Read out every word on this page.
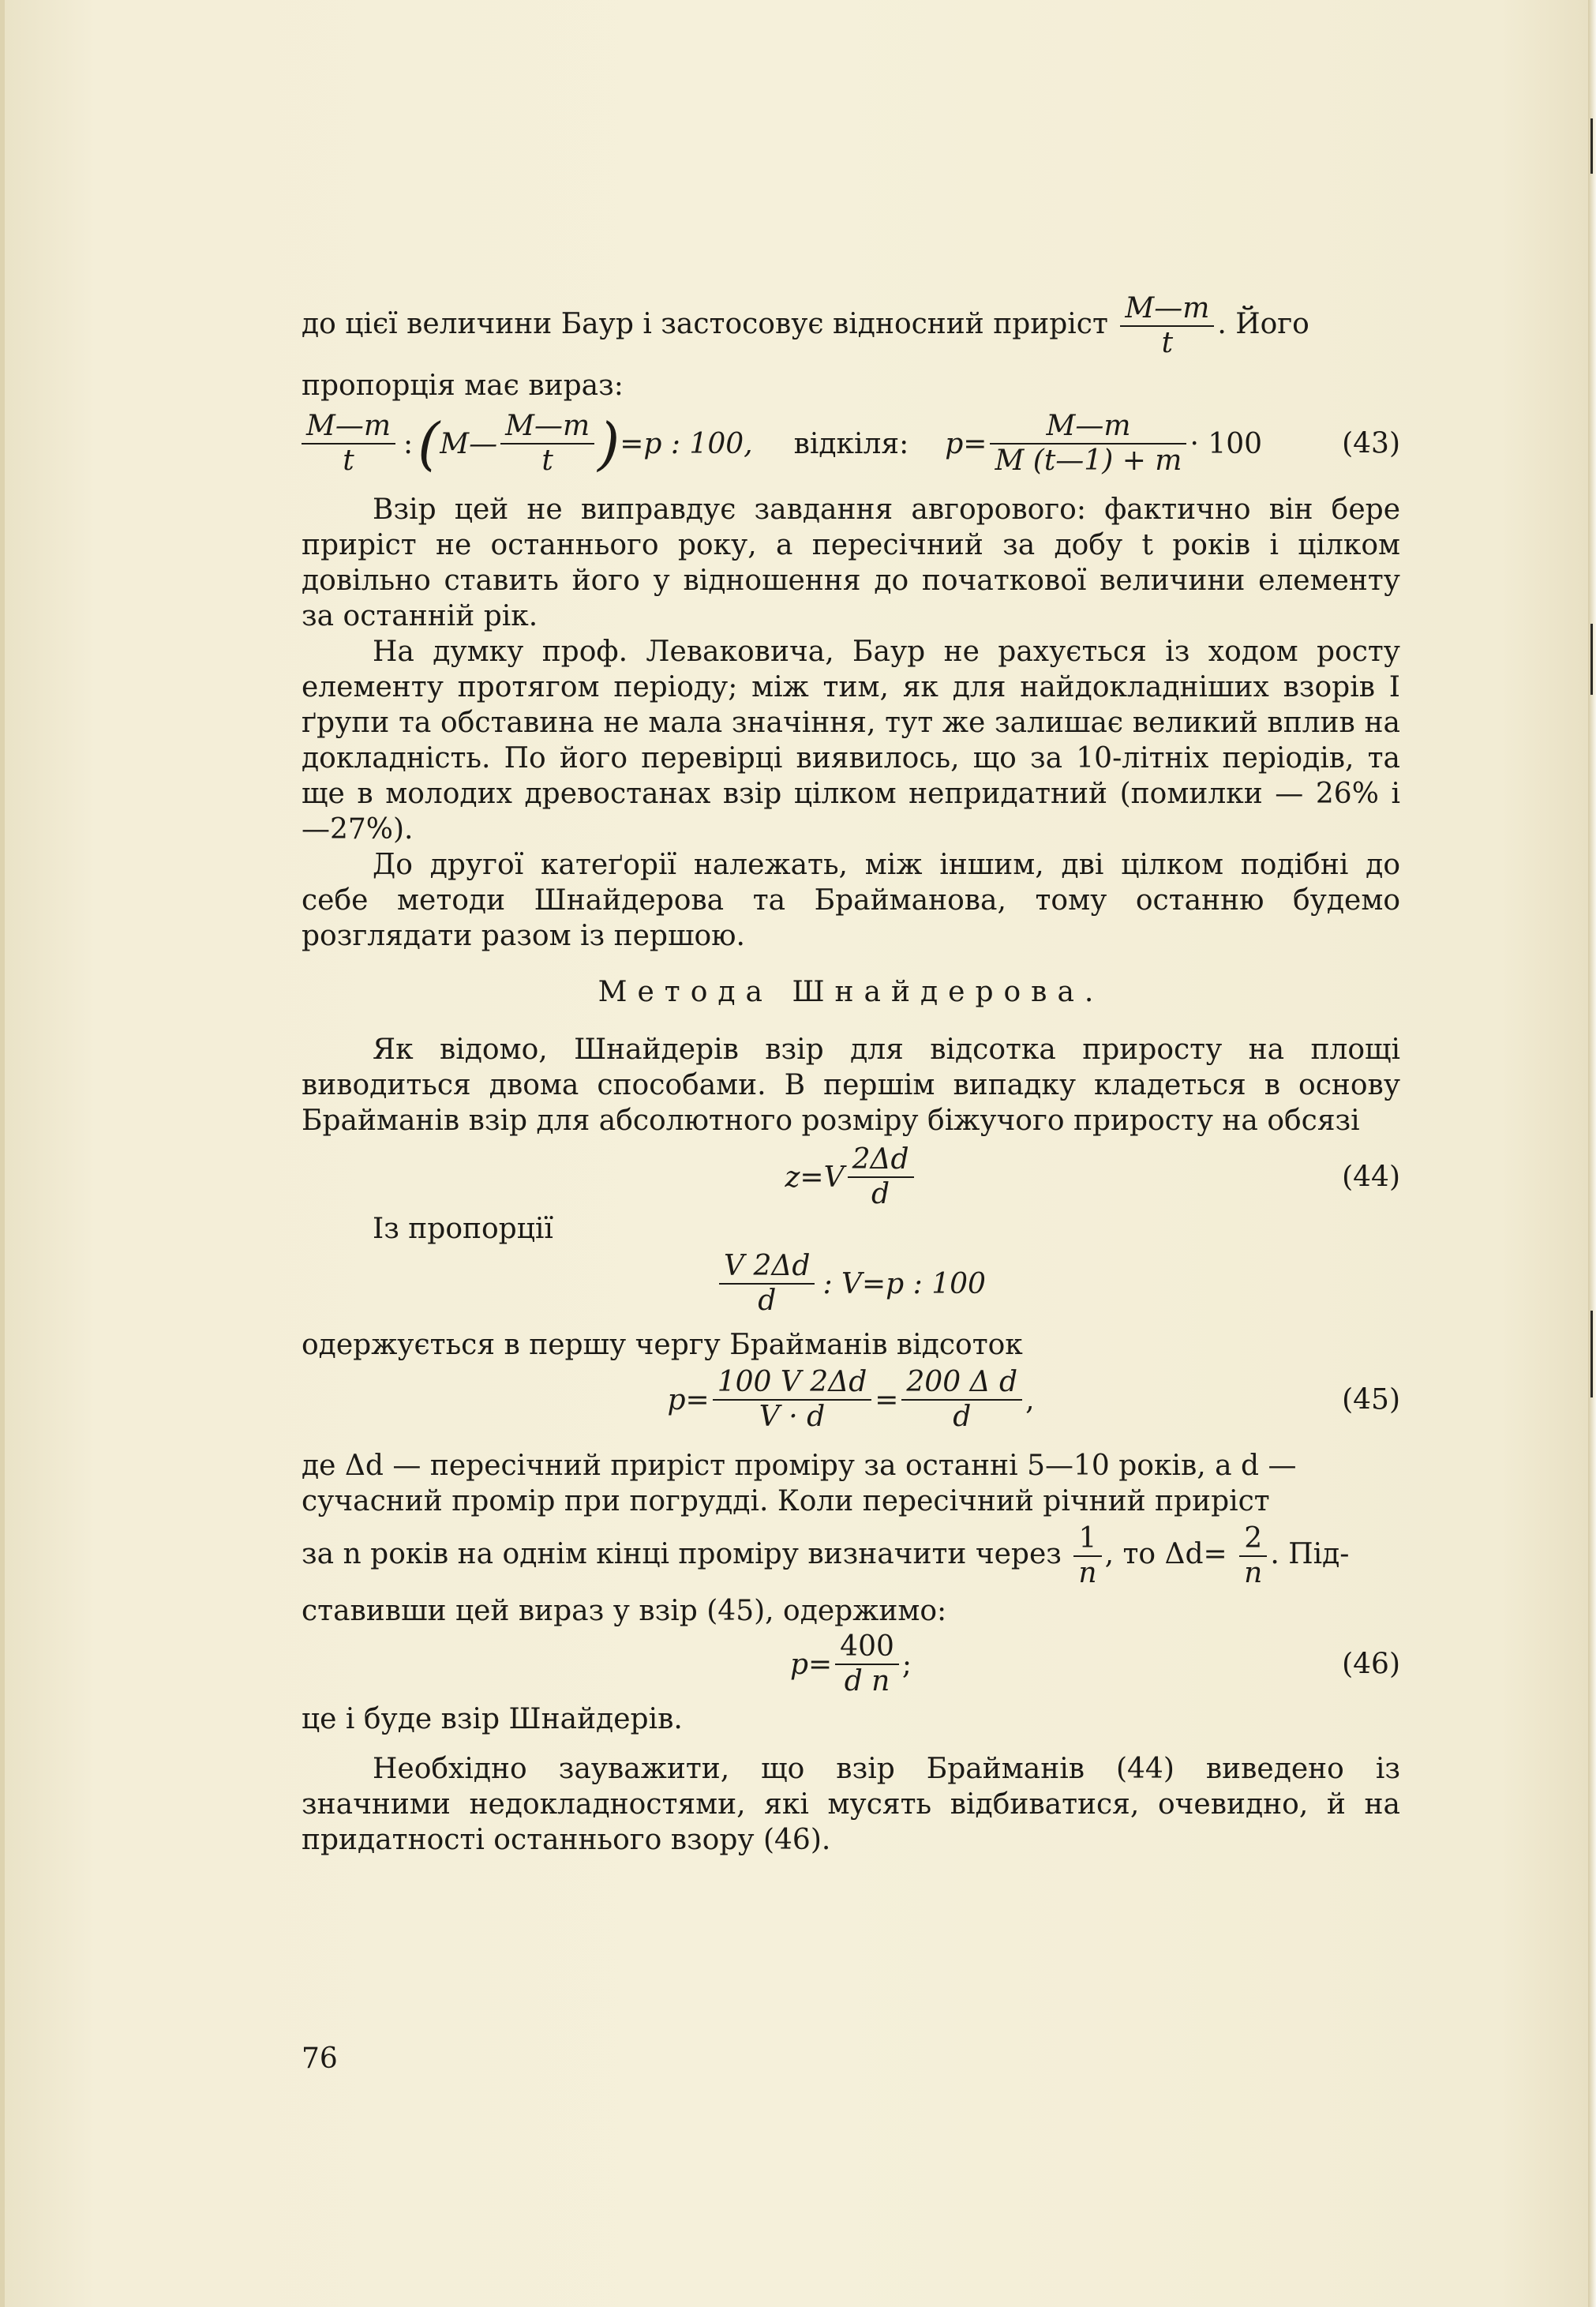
до цієї величини Баур і застосовує відносний приріст $\frac{M—m}{t}$ . Його
пропорція має вираз:
$\frac{M—m}{t}$ : ( M— $\frac{M—m}{t}$ ) =p : 100, відкіля: $p= \frac{M—m}{M (t—1) + m} \cdot 100$	(43)

Взір цей не виправдує завдання авгорового: фактично він бере приріст не останнього року, а пересічний за добу t років і цілком довільно ставить його у відношення до початкової величини елементу за останній рік.

На думку проф. Левaковича, Баур не рахується із ходом росту елементу протягом періоду; між тим, як для найдокладніших взорів I ґрупи та обставина не мала значіння, тут же залишає великий вплив на докладність. По його перевірці виявилось, що за 10-літніх періодів, та ще в молодих древостанах взір цілком непридатний (помилки — 26% і —27%).

До другої катеґорії належать, між іншим, дві цілком подібні до себе методи Шнайдерова та Брайманова, тому останню будемо розглядати разом із першою.

Метода Шнайдерова.

Як відомо, Шнайдерів взір для відсотка приросту на площі виводиться двома способами. В першім випадку кладеться в основу Брайманів взір для абсолютного розміру біжучого приросту на обсязі

$z=V \frac{2\Delta d}{d}$	(44)
Із пропорції
$\frac{V 2\Delta d}{d}$ : V=p : 100
одержується в першу чергу Брайманів відсоток
$p= \frac{100 V 2\Delta d}{V \cdot d} = \frac{\text{200 Δ d}}{d}$ ,	(45)
де Δd — пересічний приріст проміру за останні 5—10 років, а d —
сучасний промір при погрудді. Коли пересічний річний приріст
за n років на однім кінці проміру визначити через $\frac{1}{n}$ , то $\Delta d= \frac{2}{n}$ . Під-
ставивши цей вираз у взір (45), одержимо:
$p= \frac{400}{\text{d n}}$ ;	(46)
це і буде взір Шнайдерів.

Необхідно зауважити, що взір Брайманів (44) виведено із значними недокладностями, які мусять відбиватися, очевидно, й на придатності останнього взору (46).

76
